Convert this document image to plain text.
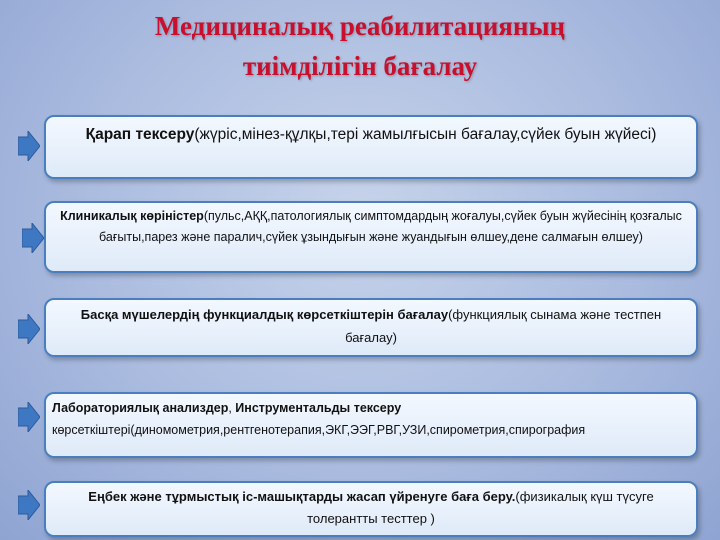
Медициналық реабилитацияның
тиімділігін бағалау
Қарап тексеру(жүріс,мінез-құлқы,тері жамылғысын бағалау,сүйек буын жүйесі)
Клиникалық көріністер(пульс,АҚҚ,патологиялық симптомдардың жоғалуы,сүйек буын жүйесінің қозғалыс бағыты,парез және паралич,сүйек ұзындығын және жуандығын өлшеу,дене салмағын өлшеу)
Басқа мүшелердің функциалдық көрсеткіштерін бағалау(функциялық сынама және тестпен бағалау)
Лабораториялық анализдер, Инструментальды тексеру
көрсеткіштері(диномометрия,рентгенотерапия,ЭКГ,ЭЭГ,РВГ,УЗИ,спирометрия,спирография
Еңбек және тұрмыстық іс-машықтарды жасап үйренуге баға беру.(физикалық күш түсуге толерантты тесттер )
